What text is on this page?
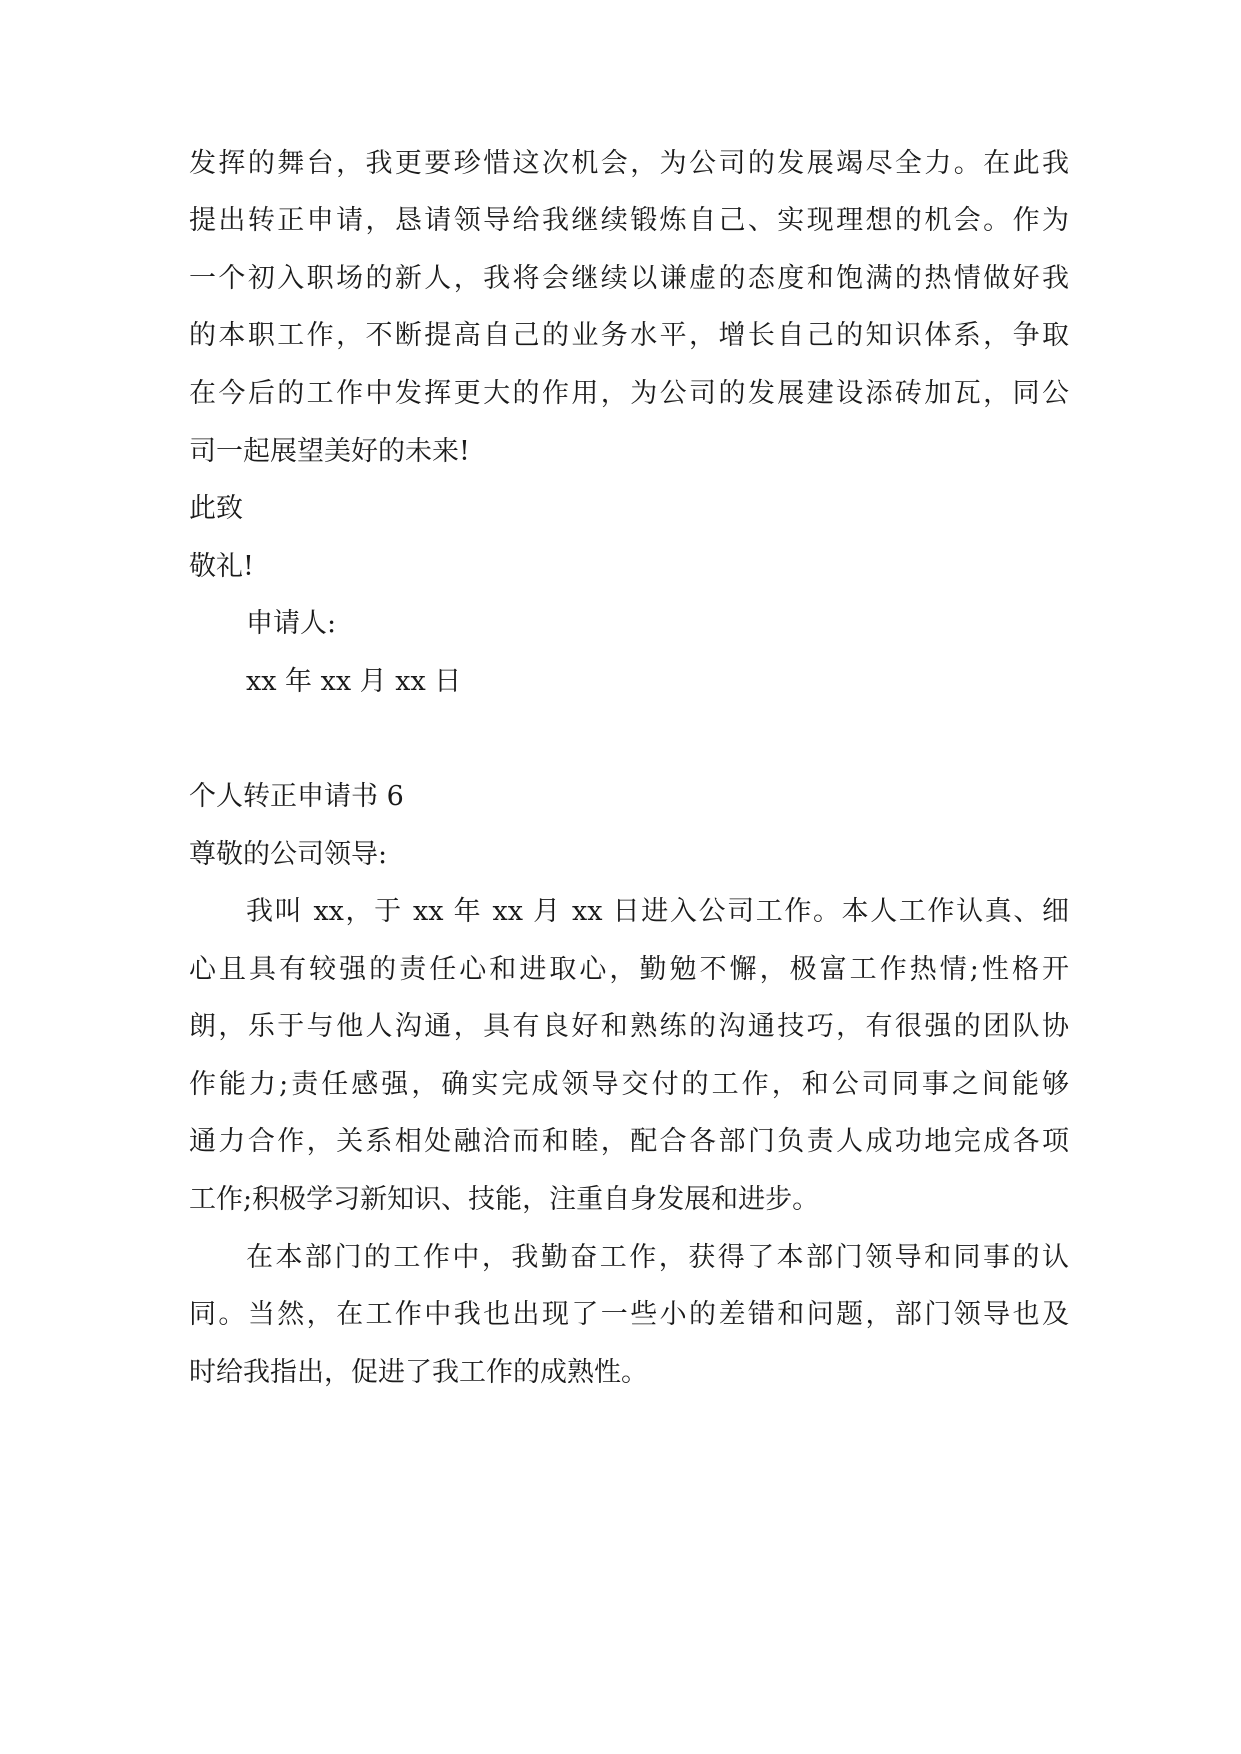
发挥的舞台，我更要珍惜这次机会，为公司的发展竭尽全力。在此我
提出转正申请，恳请领导给我继续锻炼自己、实现理想的机会。作为
一个初入职场的新人，我将会继续以谦虚的态度和饱满的热情做好我
的本职工作，不断提高自己的业务水平，增长自己的知识体系，争取
在今后的工作中发挥更大的作用，为公司的发展建设添砖加瓦，同公
司一起展望美好的未来!
此致
敬礼!
申请人:
xx 年 xx 月 xx 日
个人转正申请书 6
尊敬的公司领导:
我叫 xx，于 xx 年 xx 月 xx 日进入公司工作。本人工作认真、细
心且具有较强的责任心和进取心，勤勉不懈，极富工作热情;性格开
朗，乐于与他人沟通，具有良好和熟练的沟通技巧，有很强的团队协
作能力;责任感强，确实完成领导交付的工作，和公司同事之间能够
通力合作，关系相处融洽而和睦，配合各部门负责人成功地完成各项
工作;积极学习新知识、技能，注重自身发展和进步。
在本部门的工作中，我勤奋工作，获得了本部门领导和同事的认
同。当然，在工作中我也出现了一些小的差错和问题，部门领导也及
时给我指出，促进了我工作的成熟性。
